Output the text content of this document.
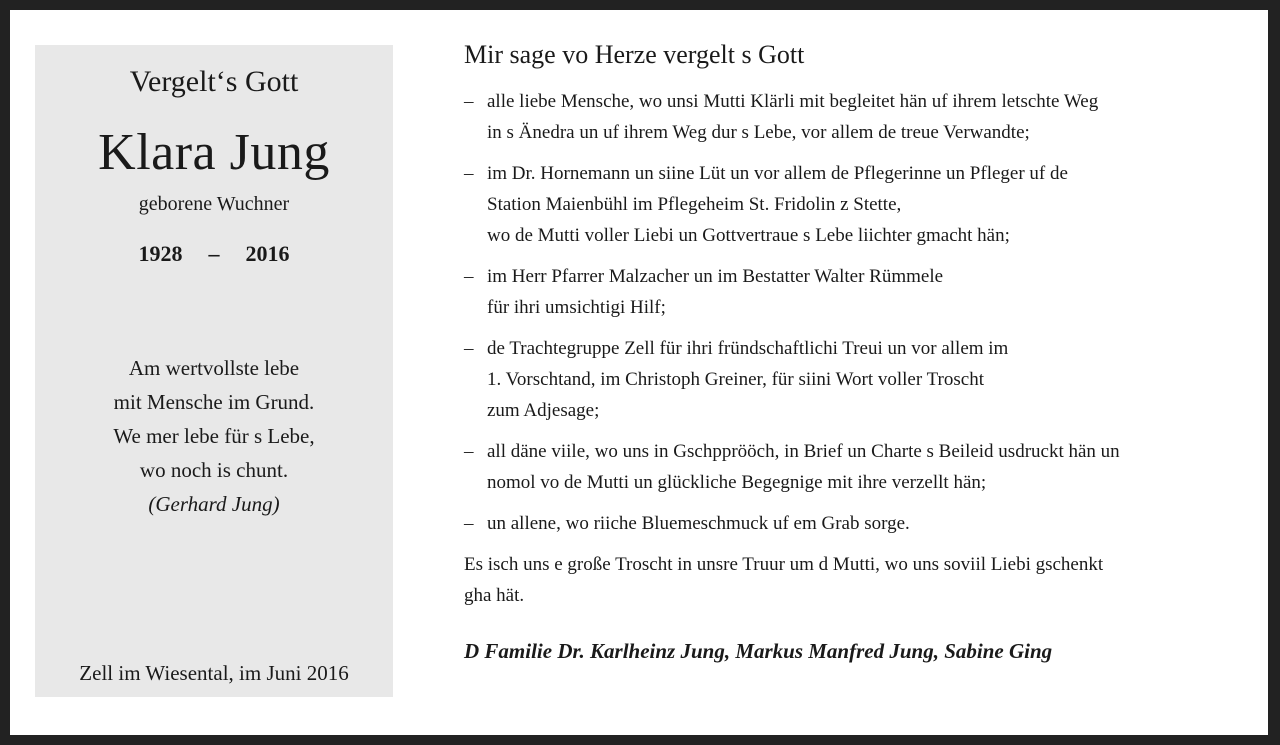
Vergelt‘s Gott
Klara Jung
geborene Wuchner
1928 – 2016
Am wertvollste lebe
mit Mensche im Grund.
We mer lebe für s Lebe,
wo noch is chunt.
(Gerhard Jung)
Zell im Wiesental, im Juni 2016
Mir sage vo Herze vergelt s Gott
– alle liebe Mensche, wo unsi Mutti Klärli mit begleitet hän uf ihrem letschte Weg
in s Änedra un uf ihrem Weg dur s Lebe, vor allem de treue Verwandte;
– im Dr. Hornemann un siine Lüt un vor allem de Pflegerinne un Pfleger uf de
Station Maienbühl im Pflegeheim St. Fridolin z Stette,
wo de Mutti voller Liebi un Gottvertraue s Lebe liichter gmacht hän;
– im Herr Pfarrer Malzacher un im Bestatter Walter Rümmele
für ihri umsichtigi Hilf;
– de Trachtegruppe Zell für ihri fründschaftlichi Treui un vor allem im
1. Vorschtand, im Christoph Greiner, für siini Wort voller Troscht
zum Adjesage;
– all däne viile, wo uns in Gschpprööch, in Brief un Charte s Beileid usdruckt hän un
nomol vo de Mutti un glückliche Begegnige mit ihre verzellt hän;
– un allene, wo riiche Bluemeschmuck uf em Grab sorge.
Es isch uns e große Troscht in unsre Truur um d Mutti, wo uns soviil Liebi gschenkt
gha hät.
D Familie Dr. Karlheinz Jung, Markus Manfred Jung, Sabine Ging
